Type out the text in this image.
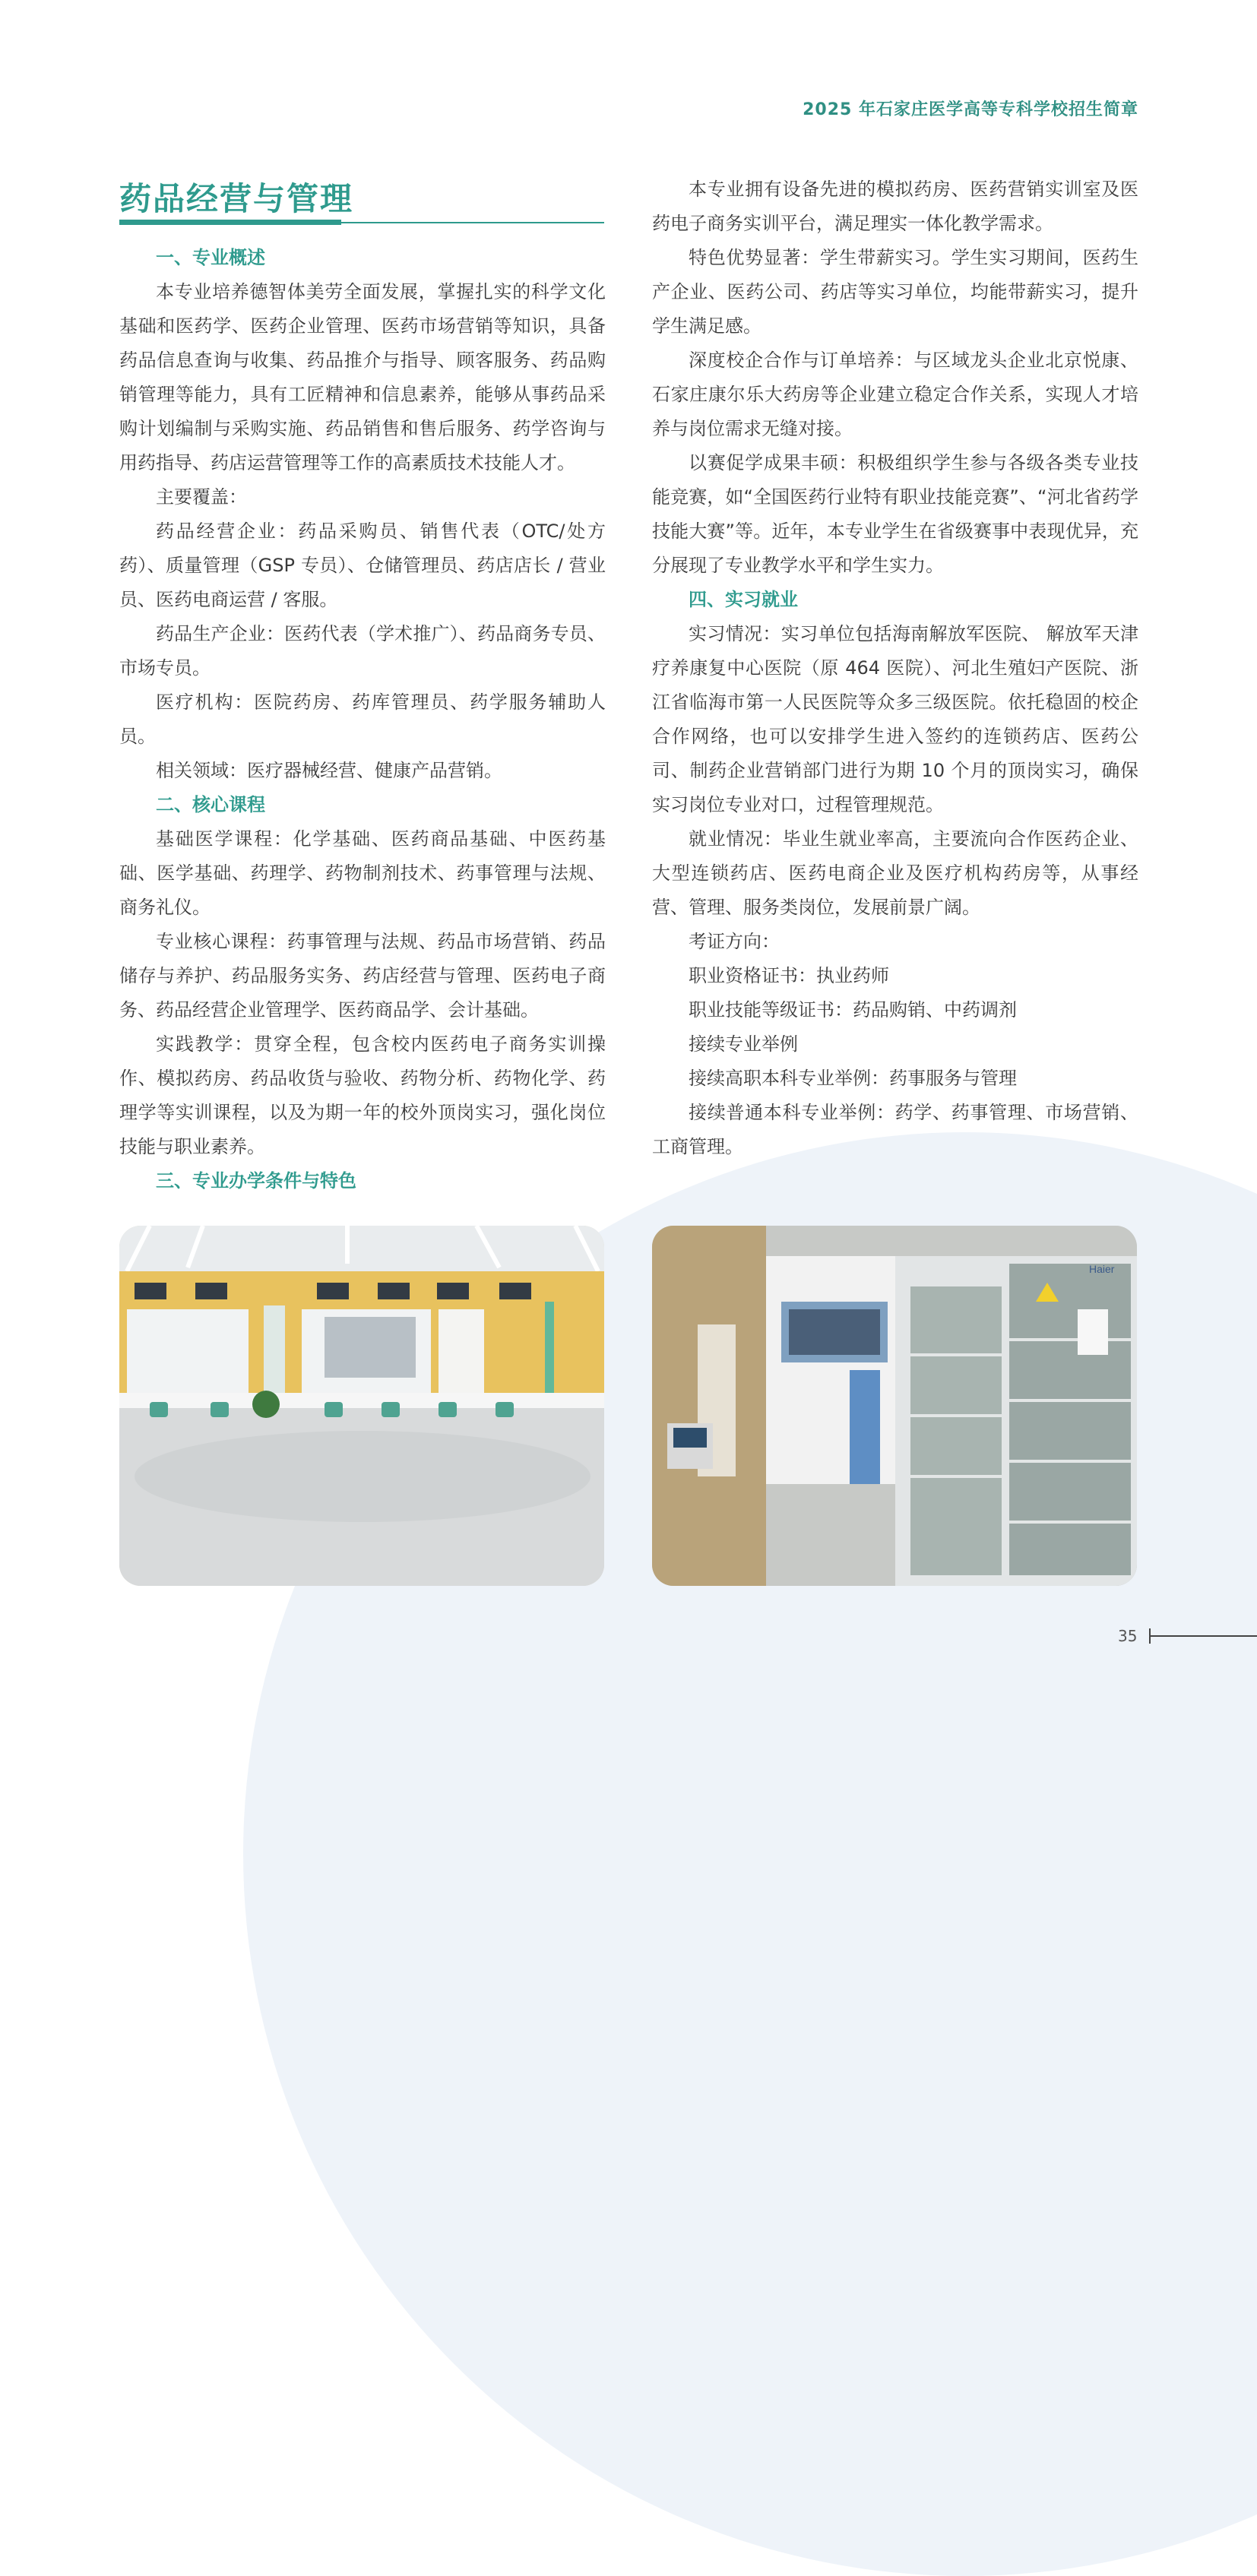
2025 年石家庄医学高等专科学校招生简章
药品经营与管理
一、专业概述

本专业培养德智体美劳全面发展，掌握扎实的科学文化基础和医药学、医药企业管理、医药市场营销等知识，具备药品信息查询与收集、药品推介与指导、顾客服务、药品购销管理等能力，具有工匠精神和信息素养，能够从事药品采购计划编制与采购实施、药品销售和售后服务、药学咨询与用药指导、药店运营管理等工作的高素质技术技能人才。

主要覆盖：

药品经营企业：药品采购员、销售代表（OTC/处方药）、质量管理（GSP 专员）、仓储管理员、药店店长 / 营业员、医药电商运营 / 客服。

药品生产企业：医药代表（学术推广）、药品商务专员、市场专员。

医疗机构：医院药房、药库管理员、药学服务辅助人员。

相关领域：医疗器械经营、健康产品营销。

二、核心课程

基础医学课程：化学基础、医药商品基础、中医药基础、医学基础、药理学、药物制剂技术、药事管理与法规、商务礼仪。

专业核心课程：药事管理与法规、药品市场营销、药品储存与养护、药品服务实务、药店经营与管理、医药电子商务、药品经营企业管理学、医药商品学、会计基础。

实践教学：贯穿全程，包含校内医药电子商务实训操作、模拟药房、药品收货与验收、药物分析、药物化学、药理学等实训课程，以及为期一年的校外顶岗实习，强化岗位技能与职业素养。

三、专业办学条件与特色

本专业拥有设备先进的模拟药房、医药营销实训室及医药电子商务实训平台，满足理实一体化教学需求。

特色优势显著：学生带薪实习。学生实习期间，医药生产企业、医药公司、药店等实习单位，均能带薪实习，提升学生满足感。

深度校企合作与订单培养：与区域龙头企业北京悦康、石家庄康尔乐大药房等企业建立稳定合作关系，实现人才培养与岗位需求无缝对接。

以赛促学成果丰硕：积极组织学生参与各级各类专业技能竞赛，如“全国医药行业特有职业技能竞赛”、“河北省药学技能大赛”等。近年，本专业学生在省级赛事中表现优异，充分展现了专业教学水平和学生实力。

四、实习就业

实习情况：实习单位包括海南解放军医院、 解放军天津疗养康复中心医院（原 464 医院）、河北生殖妇产医院、浙江省临海市第一人民医院等众多三级医院。依托稳固的校企合作网络，也可以安排学生进入签约的连锁药店、医药公司、制药企业营销部门进行为期 10 个月的顶岗实习，确保实习岗位专业对口，过程管理规范。

就业情况：毕业生就业率高，主要流向合作医药企业、大型连锁药店、医药电商企业及医疗机构药房等，从事经营、管理、服务类岗位，发展前景广阔。

考证方向：

职业资格证书：执业药师

职业技能等级证书：药品购销、中药调剂

接续专业举例

接续高职本科专业举例：药事服务与管理

接续普通本科专业举例：药学、药事管理、市场营销、工商管理。

Haier
35
